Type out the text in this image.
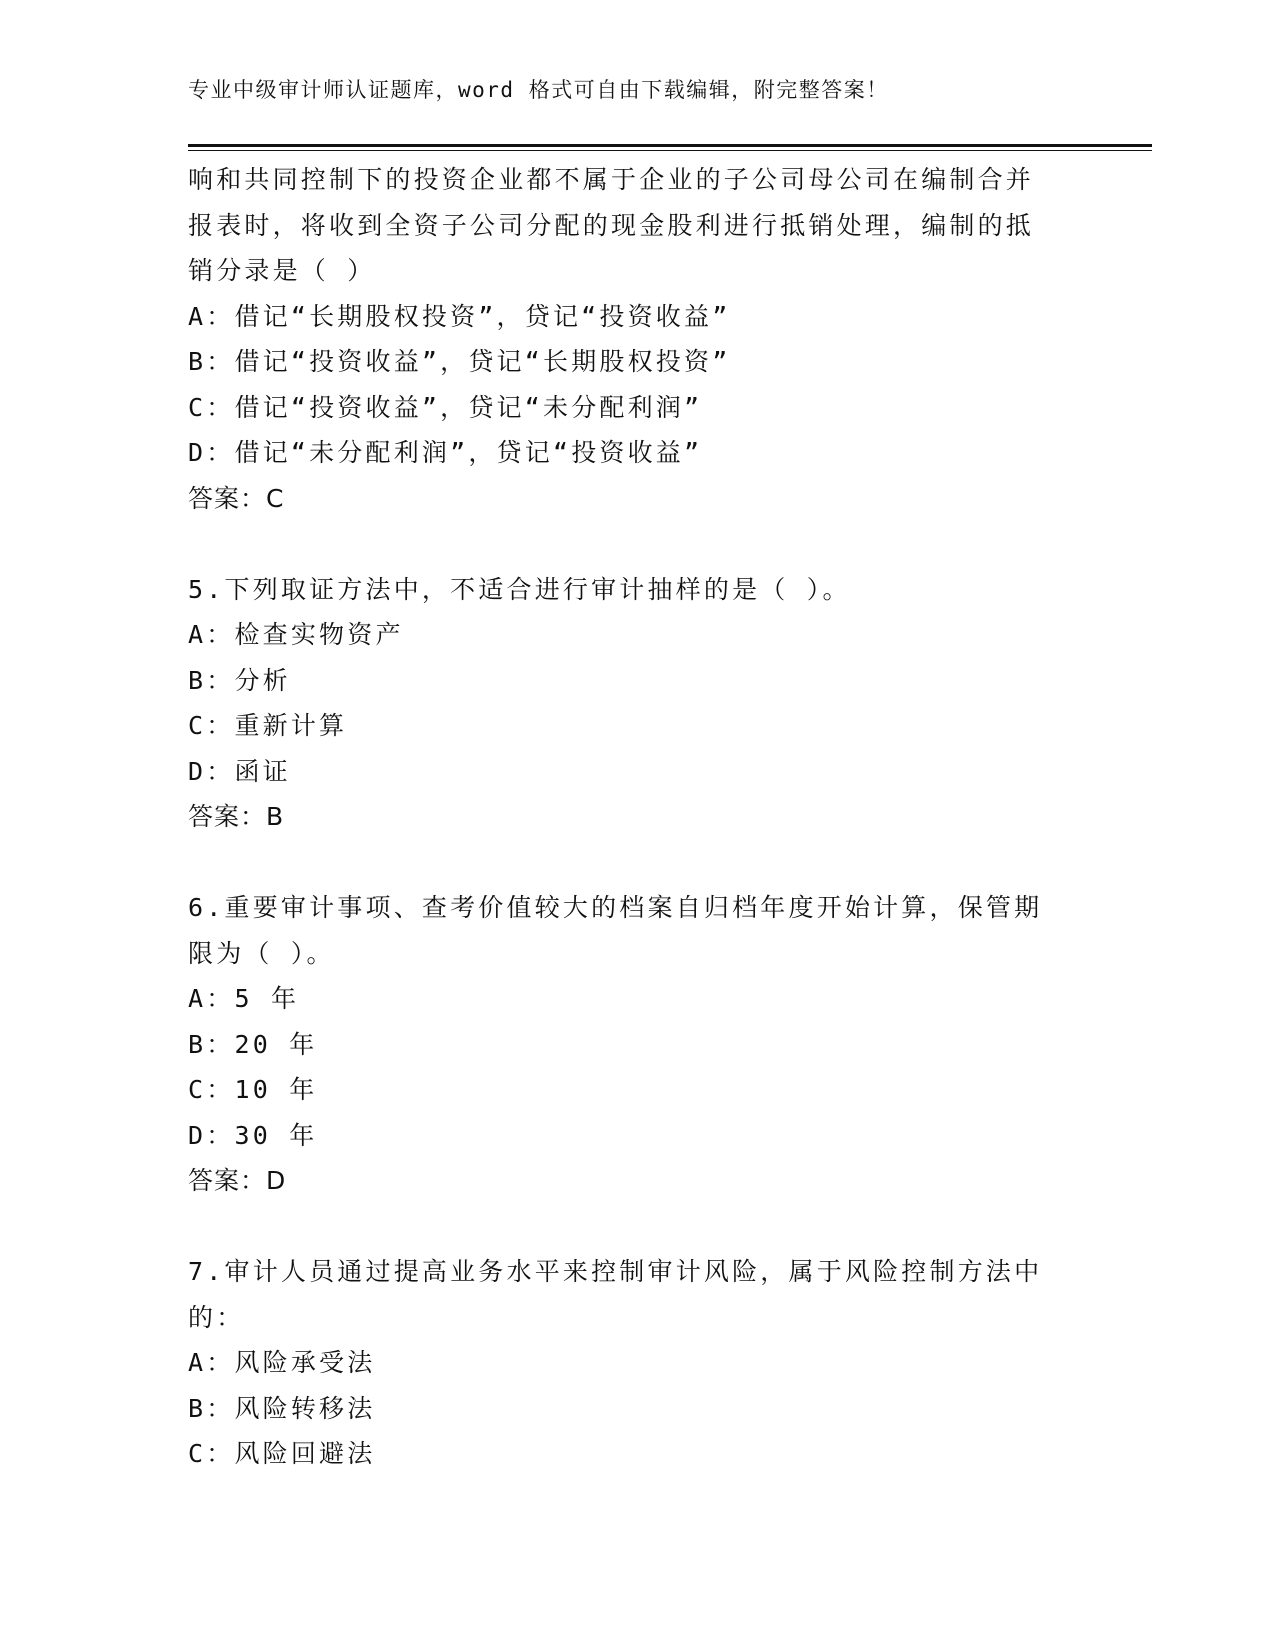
专业中级审计师认证题库，word 格式可自由下载编辑，附完整答案！
响和共同控制下的投资企业都不属于企业的子公司母公司在编制合并
报表时，将收到全资子公司分配的现金股利进行抵销处理，编制的抵
销分录是（ ）
A：借记“长期股权投资”，贷记“投资收益”
B：借记“投资收益”，贷记“长期股权投资”
C：借记“投资收益”，贷记“未分配利润”
D：借记“未分配利润”，贷记“投资收益”
答案：C
5.下列取证方法中，不适合进行审计抽样的是（ ）。
A：检查实物资产
B：分析
C：重新计算
D：函证
答案：B
6.重要审计事项、查考价值较大的档案自归档年度开始计算，保管期
限为（ ）。
A：5 年
B：20 年
C：10 年
D：30 年
答案：D
7.审计人员通过提高业务水平来控制审计风险，属于风险控制方法中
的：
A：风险承受法
B：风险转移法
C：风险回避法
